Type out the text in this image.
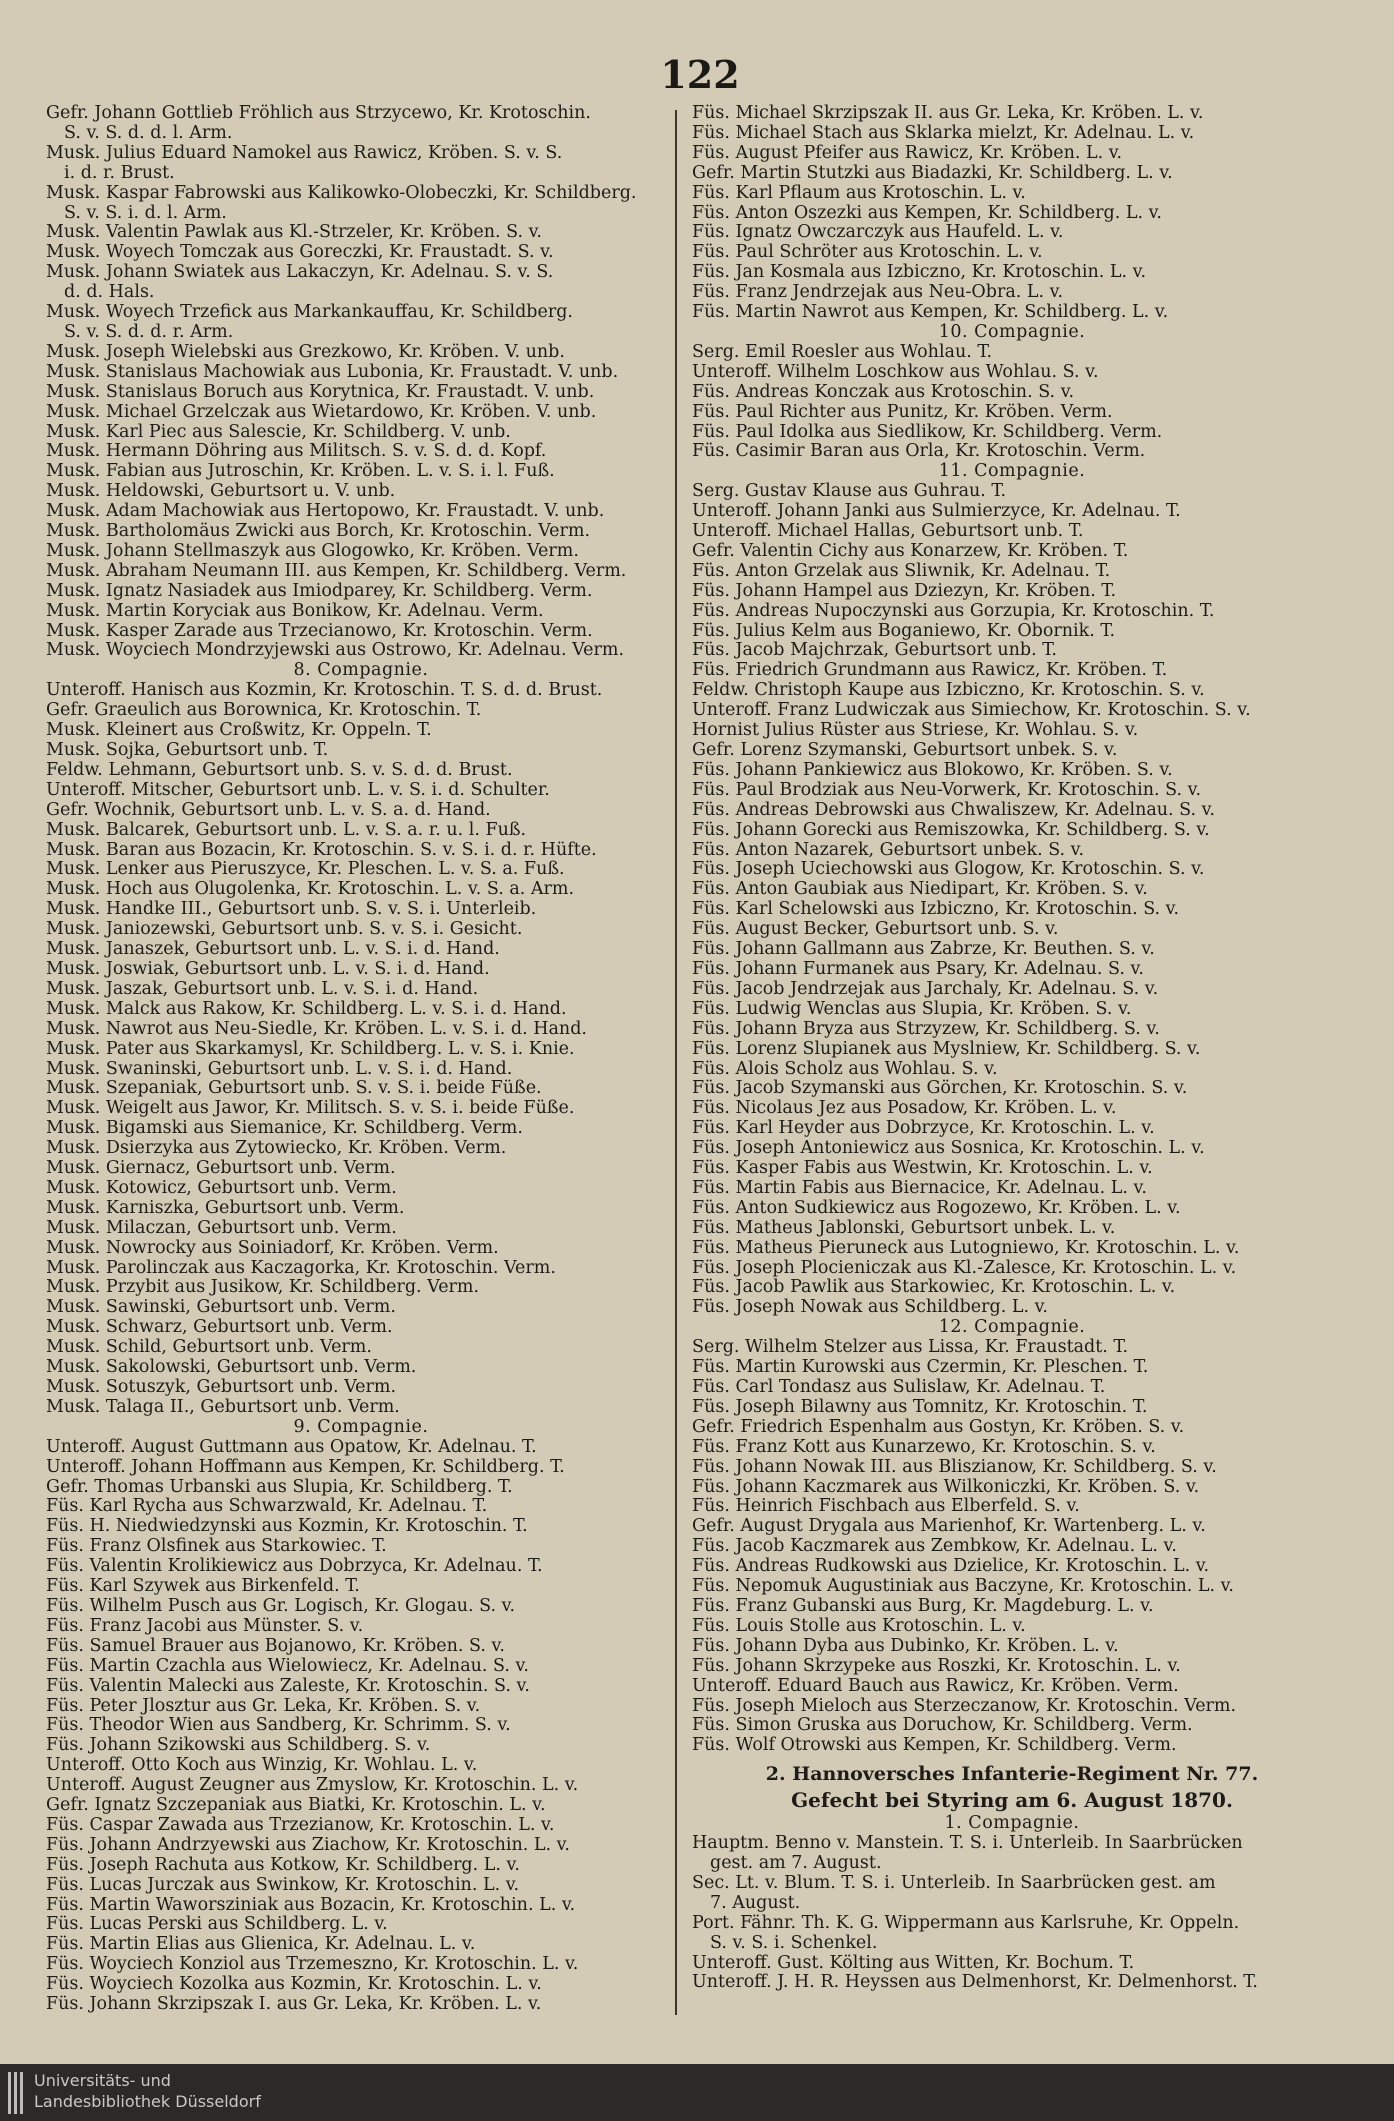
122
Gefr. Johann Gottlieb Fröhlich aus Strzycewo, Kr. Krotoschin.
S. v. S. d. d. l. Arm.
Musk. Julius Eduard Namokel aus Rawicz, Kröben. S. v. S.
i. d. r. Brust.
Musk. Kaspar Fabrowski aus Kalikowko-Olobeczki, Kr. Schildberg.
S. v. S. i. d. l. Arm.
Musk. Valentin Pawlak aus Kl.-Strzeler, Kr. Kröben. S. v.
Musk. Woyech Tomczak aus Goreczki, Kr. Fraustadt. S. v.
Musk. Johann Swiatek aus Lakaczyn, Kr. Adelnau. S. v. S.
d. d. Hals.
Musk. Woyech Trzefick aus Markankauffau, Kr. Schildberg.
S. v. S. d. d. r. Arm.
Musk. Joseph Wielebski aus Grezkowo, Kr. Kröben. V. unb.
Musk. Stanislaus Machowiak aus Lubonia, Kr. Fraustadt. V. unb.
Musk. Stanislaus Boruch aus Korytnica, Kr. Fraustadt. V. unb.
Musk. Michael Grzelczak aus Wietardowo, Kr. Kröben. V. unb.
Musk. Karl Piec aus Salescie, Kr. Schildberg. V. unb.
Musk. Hermann Döhring aus Militsch. S. v. S. d. d. Kopf.
Musk. Fabian aus Jutroschin, Kr. Kröben. L. v. S. i. l. Fuß.
Musk. Heldowski, Geburtsort u. V. unb.
Musk. Adam Machowiak aus Hertopowo, Kr. Fraustadt. V. unb.
Musk. Bartholomäus Zwicki aus Borch, Kr. Krotoschin. Verm.
Musk. Johann Stellmaszyk aus Glogowko, Kr. Kröben. Verm.
Musk. Abraham Neumann III. aus Kempen, Kr. Schildberg. Verm.
Musk. Ignatz Nasiadek aus Imiodparey, Kr. Schildberg. Verm.
Musk. Martin Koryciak aus Bonikow, Kr. Adelnau. Verm.
Musk. Kasper Zarade aus Trzecianowo, Kr. Krotoschin. Verm.
Musk. Woyciech Mondrzyjewski aus Ostrowo, Kr. Adelnau. Verm.
8. Compagnie.
Unteroff. Hanisch aus Kozmin, Kr. Krotoschin. T. S. d. d. Brust.
Gefr. Graeulich aus Borownica, Kr. Krotoschin. T.
Musk. Kleinert aus Croßwitz, Kr. Oppeln. T.
Musk. Sojka, Geburtsort unb. T.
Feldw. Lehmann, Geburtsort unb. S. v. S. d. d. Brust.
Unteroff. Mitscher, Geburtsort unb. L. v. S. i. d. Schulter.
Gefr. Wochnik, Geburtsort unb. L. v. S. a. d. Hand.
Musk. Balcarek, Geburtsort unb. L. v. S. a. r. u. l. Fuß.
Musk. Baran aus Bozacin, Kr. Krotoschin. S. v. S. i. d. r. Hüfte.
Musk. Lenker aus Pieruszyce, Kr. Pleschen. L. v. S. a. Fuß.
Musk. Hoch aus Olugolenka, Kr. Krotoschin. L. v. S. a. Arm.
Musk. Handke III., Geburtsort unb. S. v. S. i. Unterleib.
Musk. Janiozewski, Geburtsort unb. S. v. S. i. Gesicht.
Musk. Janaszek, Geburtsort unb. L. v. S. i. d. Hand.
Musk. Joswiak, Geburtsort unb. L. v. S. i. d. Hand.
Musk. Jaszak, Geburtsort unb. L. v. S. i. d. Hand.
Musk. Malck aus Rakow, Kr. Schildberg. L. v. S. i. d. Hand.
Musk. Nawrot aus Neu-Siedle, Kr. Kröben. L. v. S. i. d. Hand.
Musk. Pater aus Skarkamysl, Kr. Schildberg. L. v. S. i. Knie.
Musk. Swaninski, Geburtsort unb. L. v. S. i. d. Hand.
Musk. Szepaniak, Geburtsort unb. S. v. S. i. beide Füße.
Musk. Weigelt aus Jawor, Kr. Militsch. S. v. S. i. beide Füße.
Musk. Bigamski aus Siemanice, Kr. Schildberg. Verm.
Musk. Dsierzyka aus Zytowiecko, Kr. Kröben. Verm.
Musk. Giernacz, Geburtsort unb. Verm.
Musk. Kotowicz, Geburtsort unb. Verm.
Musk. Karniszka, Geburtsort unb. Verm.
Musk. Milaczan, Geburtsort unb. Verm.
Musk. Nowrocky aus Soiniadorf, Kr. Kröben. Verm.
Musk. Parolinczak aus Kaczagorka, Kr. Krotoschin. Verm.
Musk. Przybit aus Jusikow, Kr. Schildberg. Verm.
Musk. Sawinski, Geburtsort unb. Verm.
Musk. Schwarz, Geburtsort unb. Verm.
Musk. Schild, Geburtsort unb. Verm.
Musk. Sakolowski, Geburtsort unb. Verm.
Musk. Sotuszyk, Geburtsort unb. Verm.
Musk. Talaga II., Geburtsort unb. Verm.
9. Compagnie.
Unteroff. August Guttmann aus Opatow, Kr. Adelnau. T.
Unteroff. Johann Hoffmann aus Kempen, Kr. Schildberg. T.
Gefr. Thomas Urbanski aus Slupia, Kr. Schildberg. T.
Füs. Karl Rycha aus Schwarzwald, Kr. Adelnau. T.
Füs. H. Niedwiedzynski aus Kozmin, Kr. Krotoschin. T.
Füs. Franz Olsfinek aus Starkowiec. T.
Füs. Valentin Krolikiewicz aus Dobrzyca, Kr. Adelnau. T.
Füs. Karl Szywek aus Birkenfeld. T.
Füs. Wilhelm Pusch aus Gr. Logisch, Kr. Glogau. S. v.
Füs. Franz Jacobi aus Münster. S. v.
Füs. Samuel Brauer aus Bojanowo, Kr. Kröben. S. v.
Füs. Martin Czachla aus Wielowiecz, Kr. Adelnau. S. v.
Füs. Valentin Malecki aus Zaleste, Kr. Krotoschin. S. v.
Füs. Peter Jlosztur aus Gr. Leka, Kr. Kröben. S. v.
Füs. Theodor Wien aus Sandberg, Kr. Schrimm. S. v.
Füs. Johann Szikowski aus Schildberg. S. v.
Unteroff. Otto Koch aus Winzig, Kr. Wohlau. L. v.
Unteroff. August Zeugner aus Zmyslow, Kr. Krotoschin. L. v.
Gefr. Ignatz Szczepaniak aus Biatki, Kr. Krotoschin. L. v.
Füs. Caspar Zawada aus Trzezianow, Kr. Krotoschin. L. v.
Füs. Johann Andrzyewski aus Ziachow, Kr. Krotoschin. L. v.
Füs. Joseph Rachuta aus Kotkow, Kr. Schildberg. L. v.
Füs. Lucas Jurczak aus Swinkow, Kr. Krotoschin. L. v.
Füs. Martin Waworsziniak aus Bozacin, Kr. Krotoschin. L. v.
Füs. Lucas Perski aus Schildberg. L. v.
Füs. Martin Elias aus Glienica, Kr. Adelnau. L. v.
Füs. Woyciech Konziol aus Trzemeszno, Kr. Krotoschin. L. v.
Füs. Woyciech Kozolka aus Kozmin, Kr. Krotoschin. L. v.
Füs. Johann Skrzipszak I. aus Gr. Leka, Kr. Kröben. L. v.
Füs. Michael Skrzipszak II. aus Gr. Leka, Kr. Kröben. L. v.
Füs. Michael Stach aus Sklarka mielzt, Kr. Adelnau. L. v.
Füs. August Pfeifer aus Rawicz, Kr. Kröben. L. v.
Gefr. Martin Stutzki aus Biadazki, Kr. Schildberg. L. v.
Füs. Karl Pflaum aus Krotoschin. L. v.
Füs. Anton Oszezki aus Kempen, Kr. Schildberg. L. v.
Füs. Ignatz Owczarczyk aus Haufeld. L. v.
Füs. Paul Schröter aus Krotoschin. L. v.
Füs. Jan Kosmala aus Izbiczno, Kr. Krotoschin. L. v.
Füs. Franz Jendrzejak aus Neu-Obra. L. v.
Füs. Martin Nawrot aus Kempen, Kr. Schildberg. L. v.
10. Compagnie.
Serg. Emil Roesler aus Wohlau. T.
Unteroff. Wilhelm Loschkow aus Wohlau. S. v.
Füs. Andreas Konczak aus Krotoschin. S. v.
Füs. Paul Richter aus Punitz, Kr. Kröben. Verm.
Füs. Paul Idolka aus Siedlikow, Kr. Schildberg. Verm.
Füs. Casimir Baran aus Orla, Kr. Krotoschin. Verm.
11. Compagnie.
Serg. Gustav Klause aus Guhrau. T.
Unteroff. Johann Janki aus Sulmierzyce, Kr. Adelnau. T.
Unteroff. Michael Hallas, Geburtsort unb. T.
Gefr. Valentin Cichy aus Konarzew, Kr. Kröben. T.
Füs. Anton Grzelak aus Sliwnik, Kr. Adelnau. T.
Füs. Johann Hampel aus Dziezyn, Kr. Kröben. T.
Füs. Andreas Nupoczynski aus Gorzupia, Kr. Krotoschin. T.
Füs. Julius Kelm aus Boganiewo, Kr. Obornik. T.
Füs. Jacob Majchrzak, Geburtsort unb. T.
Füs. Friedrich Grundmann aus Rawicz, Kr. Kröben. T.
Feldw. Christoph Kaupe aus Izbiczno, Kr. Krotoschin. S. v.
Unteroff. Franz Ludwiczak aus Simiechow, Kr. Krotoschin. S. v.
Hornist Julius Rüster aus Striese, Kr. Wohlau. S. v.
Gefr. Lorenz Szymanski, Geburtsort unbek. S. v.
Füs. Johann Pankiewicz aus Blokowo, Kr. Kröben. S. v.
Füs. Paul Brodziak aus Neu-Vorwerk, Kr. Krotoschin. S. v.
Füs. Andreas Debrowski aus Chwaliszew, Kr. Adelnau. S. v.
Füs. Johann Gorecki aus Remiszowka, Kr. Schildberg. S. v.
Füs. Anton Nazarek, Geburtsort unbek. S. v.
Füs. Joseph Uciechowski aus Glogow, Kr. Krotoschin. S. v.
Füs. Anton Gaubiak aus Niedipart, Kr. Kröben. S. v.
Füs. Karl Schelowski aus Izbiczno, Kr. Krotoschin. S. v.
Füs. August Becker, Geburtsort unb. S. v.
Füs. Johann Gallmann aus Zabrze, Kr. Beuthen. S. v.
Füs. Johann Furmanek aus Psary, Kr. Adelnau. S. v.
Füs. Jacob Jendrzejak aus Jarchaly, Kr. Adelnau. S. v.
Füs. Ludwig Wenclas aus Slupia, Kr. Kröben. S. v.
Füs. Johann Bryza aus Strzyzew, Kr. Schildberg. S. v.
Füs. Lorenz Slupianek aus Myslniew, Kr. Schildberg. S. v.
Füs. Alois Scholz aus Wohlau. S. v.
Füs. Jacob Szymanski aus Görchen, Kr. Krotoschin. S. v.
Füs. Nicolaus Jez aus Posadow, Kr. Kröben. L. v.
Füs. Karl Heyder aus Dobrzyce, Kr. Krotoschin. L. v.
Füs. Joseph Antoniewicz aus Sosnica, Kr. Krotoschin. L. v.
Füs. Kasper Fabis aus Westwin, Kr. Krotoschin. L. v.
Füs. Martin Fabis aus Biernacice, Kr. Adelnau. L. v.
Füs. Anton Sudkiewicz aus Rogozewo, Kr. Kröben. L. v.
Füs. Matheus Jablonski, Geburtsort unbek. L. v.
Füs. Matheus Pieruneck aus Lutogniewo, Kr. Krotoschin. L. v.
Füs. Joseph Plocieniczak aus Kl.-Zalesce, Kr. Krotoschin. L. v.
Füs. Jacob Pawlik aus Starkowiec, Kr. Krotoschin. L. v.
Füs. Joseph Nowak aus Schildberg. L. v.
12. Compagnie.
Serg. Wilhelm Stelzer aus Lissa, Kr. Fraustadt. T.
Füs. Martin Kurowski aus Czermin, Kr. Pleschen. T.
Füs. Carl Tondasz aus Sulislaw, Kr. Adelnau. T.
Füs. Joseph Bilawny aus Tomnitz, Kr. Krotoschin. T.
Gefr. Friedrich Espenhalm aus Gostyn, Kr. Kröben. S. v.
Füs. Franz Kott aus Kunarzewo, Kr. Krotoschin. S. v.
Füs. Johann Nowak III. aus Bliszianow, Kr. Schildberg. S. v.
Füs. Johann Kaczmarek aus Wilkoniczki, Kr. Kröben. S. v.
Füs. Heinrich Fischbach aus Elberfeld. S. v.
Gefr. August Drygala aus Marienhof, Kr. Wartenberg. L. v.
Füs. Jacob Kaczmarek aus Zembkow, Kr. Adelnau. L. v.
Füs. Andreas Rudkowski aus Dzielice, Kr. Krotoschin. L. v.
Füs. Nepomuk Augustiniak aus Baczyne, Kr. Krotoschin. L. v.
Füs. Franz Gubanski aus Burg, Kr. Magdeburg. L. v.
Füs. Louis Stolle aus Krotoschin. L. v.
Füs. Johann Dyba aus Dubinko, Kr. Kröben. L. v.
Füs. Johann Skrzypeke aus Roszki, Kr. Krotoschin. L. v.
Unteroff. Eduard Bauch aus Rawicz, Kr. Kröben. Verm.
Füs. Joseph Mieloch aus Sterzeczanow, Kr. Krotoschin. Verm.
Füs. Simon Gruska aus Doruchow, Kr. Schildberg. Verm.
Füs. Wolf Otrowski aus Kempen, Kr. Schildberg. Verm.
2. Hannoversches Infanterie-Regiment Nr. 77.
Gefecht bei Styring am 6. August 1870.
1. Compagnie.
Hauptm. Benno v. Manstein. T. S. i. Unterleib. In Saarbrücken
gest. am 7. August.
Sec. Lt. v. Blum. T. S. i. Unterleib. In Saarbrücken gest. am
7. August.
Port. Fähnr. Th. K. G. Wippermann aus Karlsruhe, Kr. Oppeln.
S. v. S. i. Schenkel.
Unteroff. Gust. Költing aus Witten, Kr. Bochum. T.
Unteroff. J. H. R. Heyssen aus Delmenhorst, Kr. Delmenhorst. T.
Universitäts- und
Landesbibliothek Düsseldorf
